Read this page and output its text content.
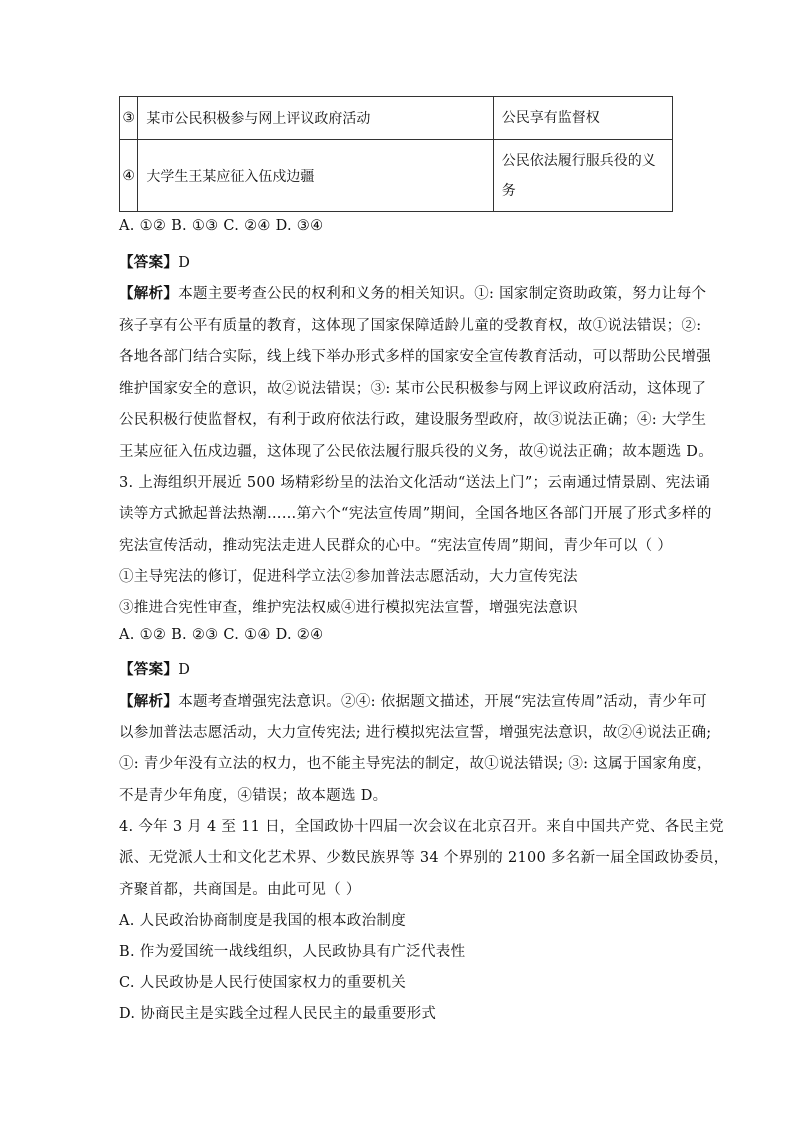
③	某市公民积极参与网上评议政府活动	公民享有监督权
④	大学生王某应征入伍戍边疆	公民依法履行服兵役的义
务
A. ①② B. ①③ C. ②④ D. ③④
【答案】D
【解析】本题主要考查公民的权利和义务的相关知识。①: 国家制定资助政策，努力让每个
孩子享有公平有质量的教育，这体现了国家保障适龄儿童的受教育权，故①说法错误；②:
各地各部门结合实际，线上线下举办形式多样的国家安全宣传教育活动，可以帮助公民增强
维护国家安全的意识，故②说法错误；③: 某市公民积极参与网上评议政府活动，这体现了
公民积极行使监督权，有利于政府依法行政，建设服务型政府，故③说法正确；④: 大学生
王某应征入伍戍边疆，这体现了公民依法履行服兵役的义务，故④说法正确；故本题选 D。
3. 上海组织开展近 500 场精彩纷呈的法治文化活动“送法上门”；云南通过情景剧、宪法诵
读等方式掀起普法热潮……第六个“宪法宣传周”期间，全国各地区各部门开展了形式多样的
宪法宣传活动，推动宪法走进人民群众的心中。“宪法宣传周”期间，青少年可以（ ）
①主导宪法的修订，促进科学立法②参加普法志愿活动，大力宣传宪法
③推进合宪性审查，维护宪法权威④进行模拟宪法宣誓，增强宪法意识
A. ①② B. ②③ C. ①④ D. ②④
【答案】D
【解析】本题考查增强宪法意识。②④: 依据题文描述，开展“宪法宣传周”活动，青少年可
以参加普法志愿活动，大力宣传宪法; 进行模拟宪法宣誓，增强宪法意识，故②④说法正确;
①: 青少年没有立法的权力，也不能主导宪法的制定，故①说法错误; ③: 这属于国家角度，
不是青少年角度，④错误；故本题选 D。
4. 今年 3 月 4 至 11 日，全国政协十四届一次会议在北京召开。来自中国共产党、各民主党
派、无党派人士和文化艺术界、少数民族界等 34 个界别的 2100 多名新一届全国政协委员，
齐聚首都，共商国是。由此可见（ ）
A. 人民政治协商制度是我国的根本政治制度
B. 作为爱国统一战线组织，人民政协具有广泛代表性
C. 人民政协是人民行使国家权力的重要机关
D. 协商民主是实践全过程人民民主的最重要形式
